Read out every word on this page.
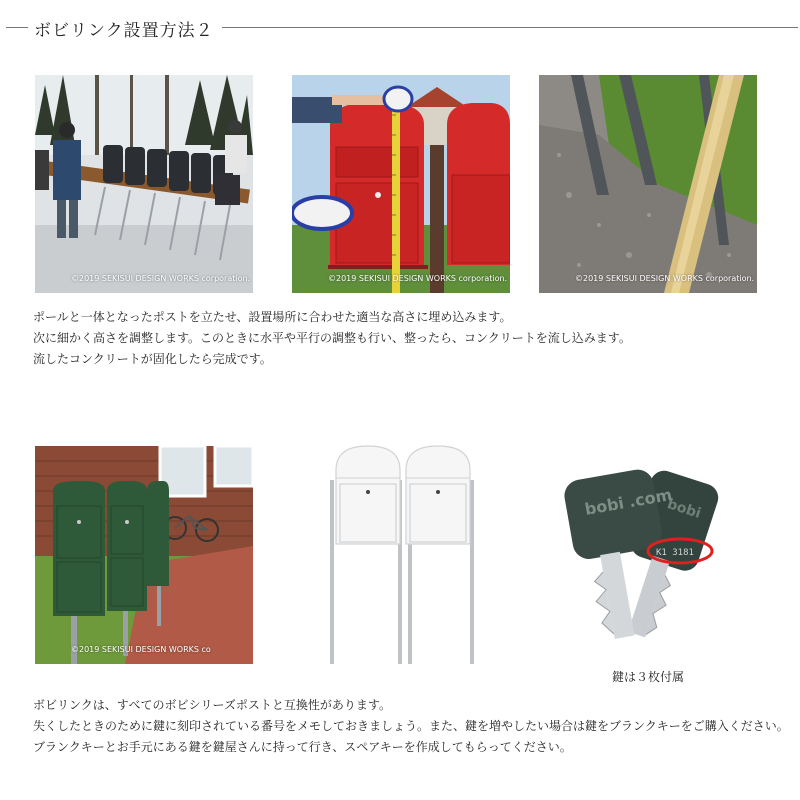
ボビリンク設置方法２
©2019 SEKISUI DESIGN WORKS corporation.	©2019 SEKISUI DESIGN WORKS corporation.	©2019 SEKISUI DESIGN WORKS corporation.
ポールと一体となったポストを立たせ、設置場所に合わせた適当な高さに埋め込みます。
次に細かく高さを調整します。このときに水平や平行の調整も行い、整ったら、コンクリートを流し込みます。
流したコンクリートが固化したら完成です。
©2019 SEKISUI DESIGN WORKS co
bobi
bobi .com
K1 3181
鍵は３枚付属
ボビリンクは、すべてのボビシリーズポストと互換性があります。
失くしたときのために鍵に刻印されている番号をメモしておきましょう。また、鍵を増やしたい場合は鍵をブランクキーをご購入ください。
ブランクキーとお手元にある鍵を鍵屋さんに持って行き、スペアキーを作成してもらってください。
